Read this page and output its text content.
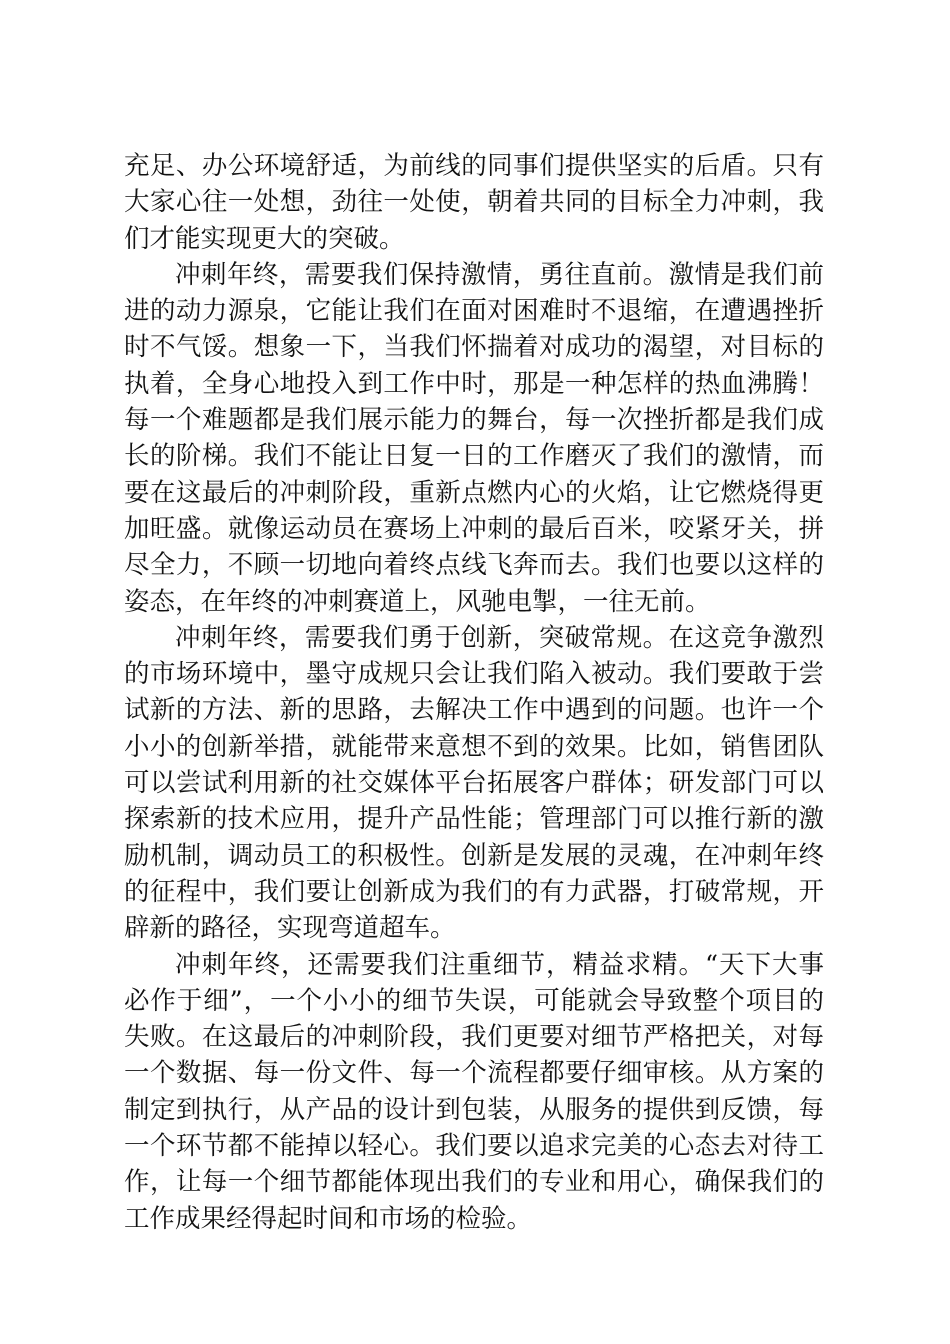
充足、办公环境舒适，为前线的同事们提供坚实的后盾。只有大家心往一处想，劲往一处使，朝着共同的目标全力冲刺，我们才能实现更大的突破。

冲刺年终，需要我们保持激情，勇往直前。激情是我们前进的动力源泉，它能让我们在面对困难时不退缩，在遭遇挫折时不气馁。想象一下，当我们怀揣着对成功的渴望，对目标的执着，全身心地投入到工作中时，那是一种怎样的热血沸腾！每一个难题都是我们展示能力的舞台，每一次挫折都是我们成长的阶梯。我们不能让日复一日的工作磨灭了我们的激情，而要在这最后的冲刺阶段，重新点燃内心的火焰，让它燃烧得更加旺盛。就像运动员在赛场上冲刺的最后百米，咬紧牙关，拼尽全力，不顾一切地向着终点线飞奔而去。我们也要以这样的姿态，在年终的冲刺赛道上，风驰电掣，一往无前。

冲刺年终，需要我们勇于创新，突破常规。在这竞争激烈的市场环境中，墨守成规只会让我们陷入被动。我们要敢于尝试新的方法、新的思路，去解决工作中遇到的问题。也许一个小小的创新举措，就能带来意想不到的效果。比如，销售团队可以尝试利用新的社交媒体平台拓展客户群体；研发部门可以探索新的技术应用，提升产品性能；管理部门可以推行新的激励机制，调动员工的积极性。创新是发展的灵魂，在冲刺年终的征程中，我们要让创新成为我们的有力武器，打破常规，开辟新的路径，实现弯道超车。

冲刺年终，还需要我们注重细节，精益求精。“天下大事必作于细”，一个小小的细节失误，可能就会导致整个项目的失败。在这最后的冲刺阶段，我们更要对细节严格把关，对每一个数据、每一份文件、每一个流程都要仔细审核。从方案的制定到执行，从产品的设计到包装，从服务的提供到反馈，每一个环节都不能掉以轻心。我们要以追求完美的心态去对待工作，让每一个细节都能体现出我们的专业和用心，确保我们的工作成果经得起时间和市场的检验。
